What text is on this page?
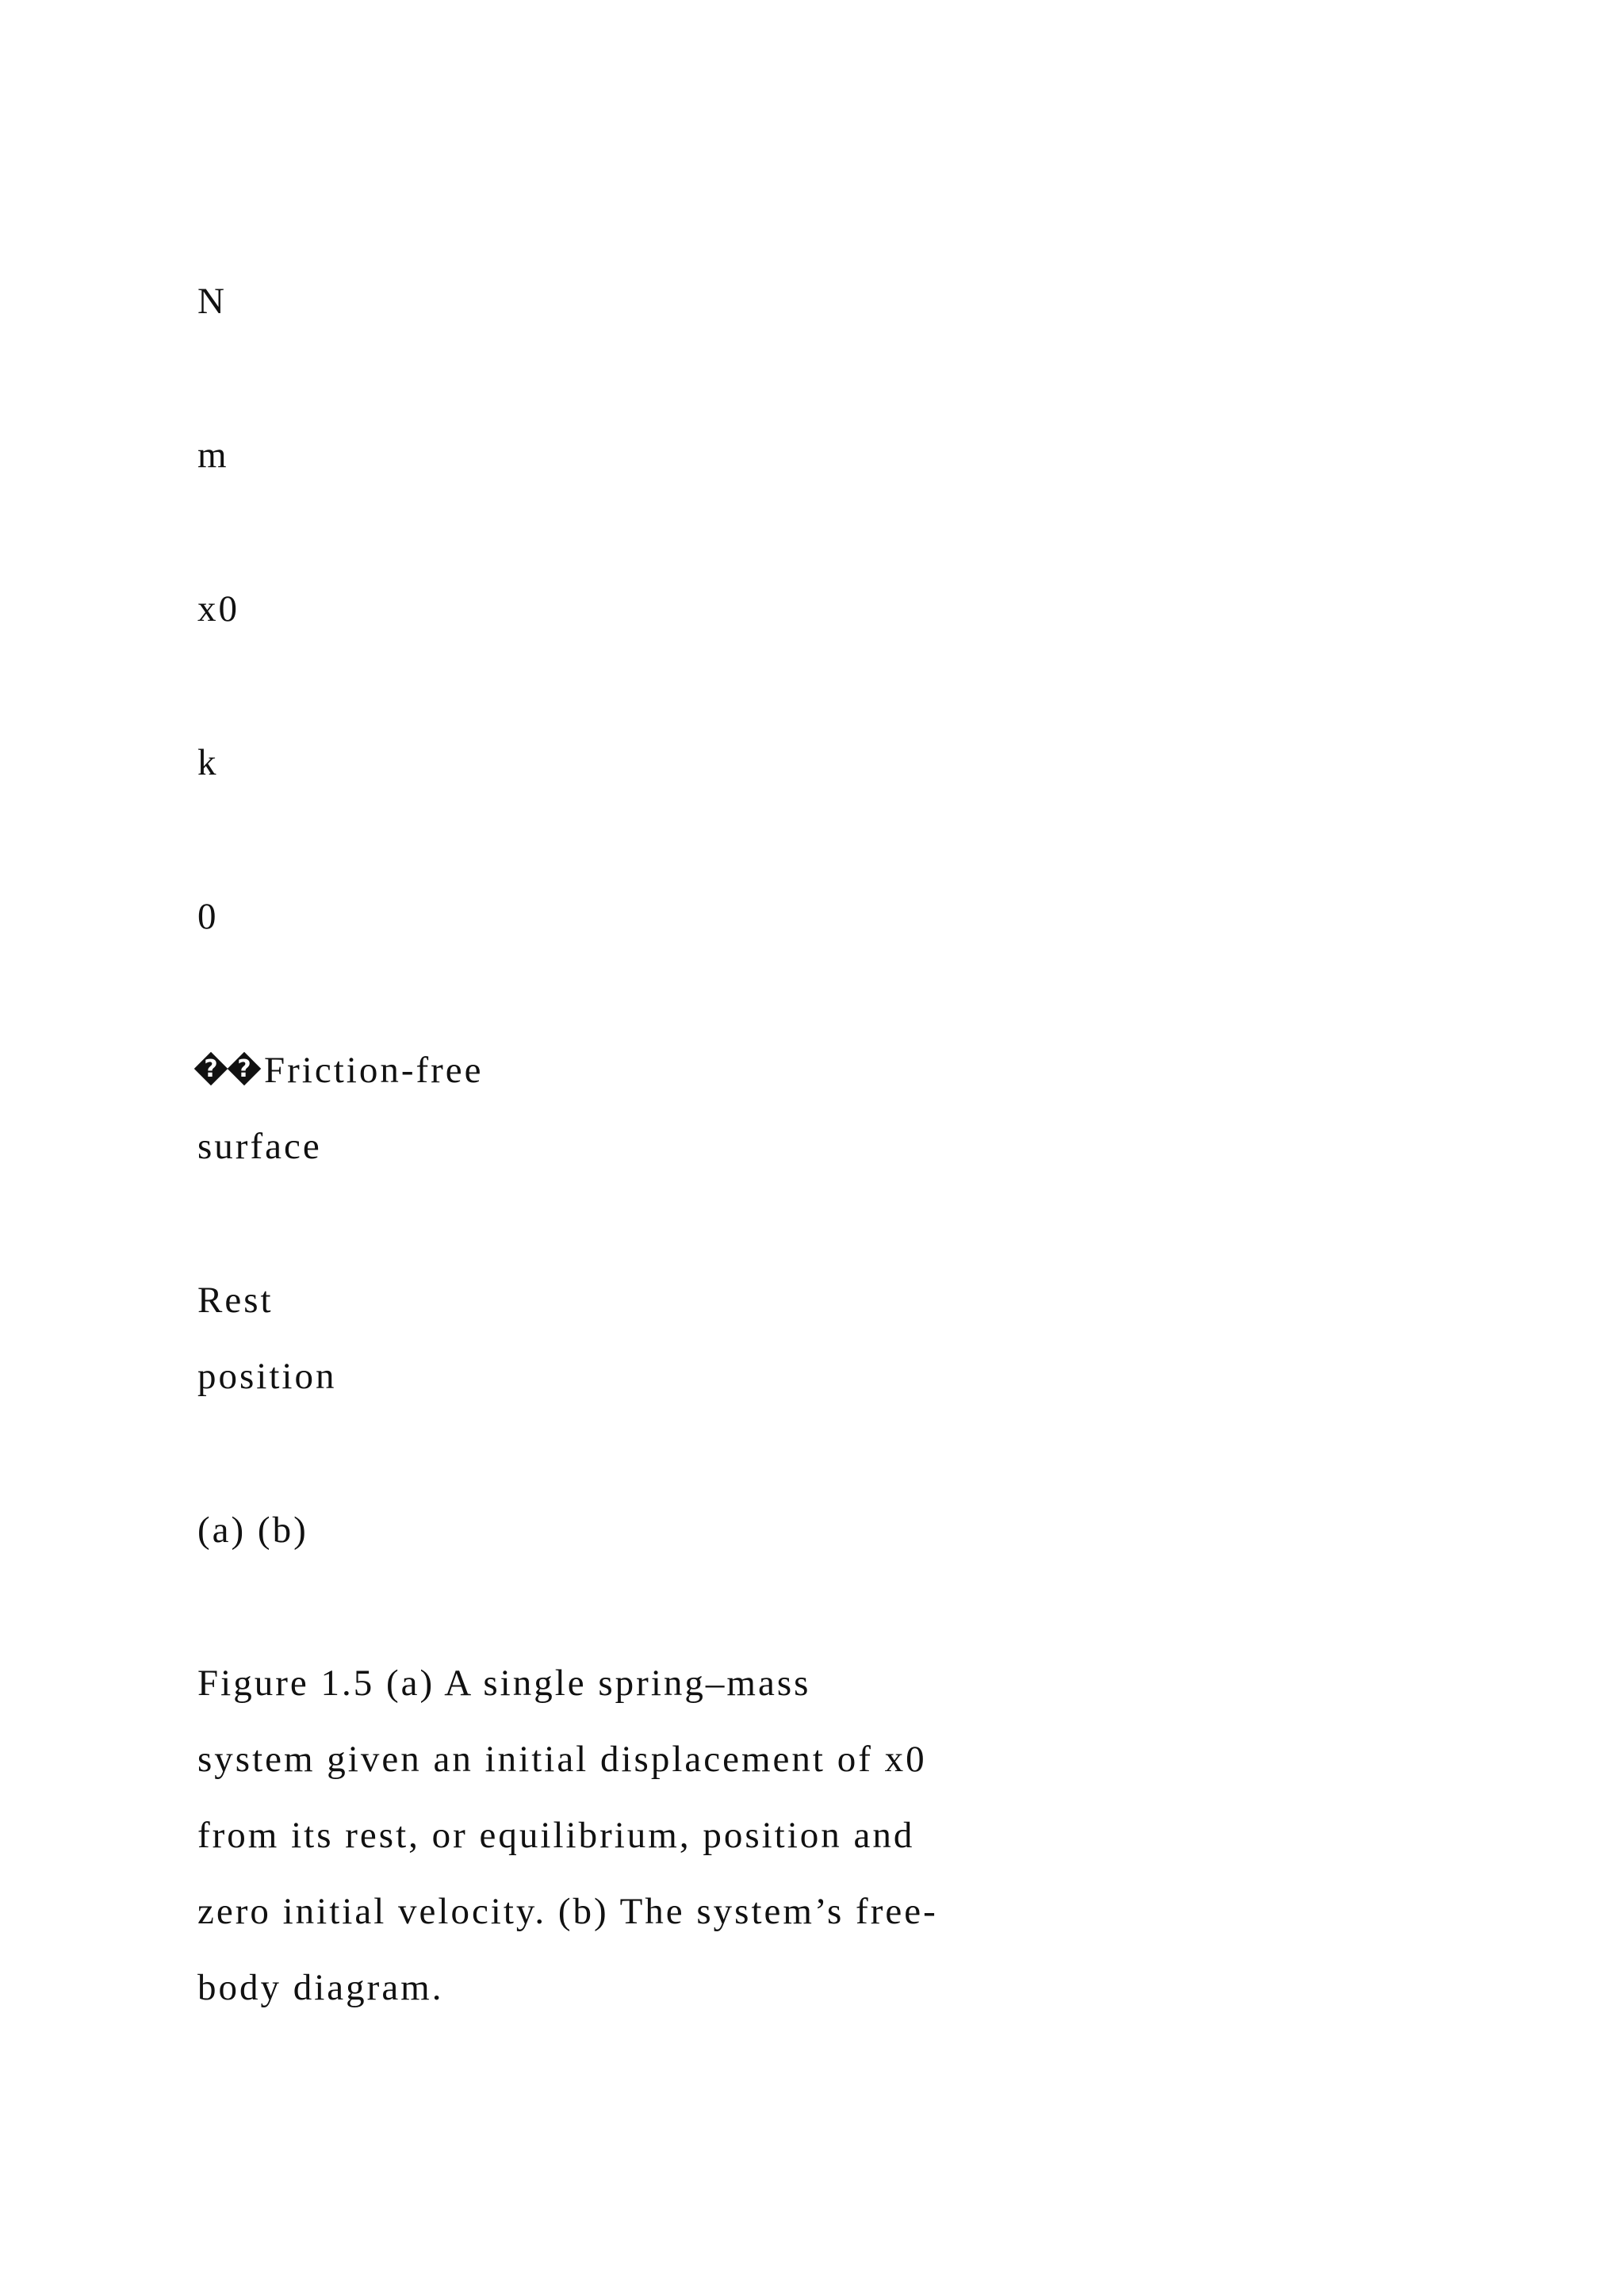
N
m
x0
k
0
??Friction-free
surface
Rest
position
(a) (b)
Figure 1.5 (a) A single spring–mass
system given an initial displacement of x0
from its rest, or equilibrium, position and
zero initial velocity. (b) The system’s free-
body diagram.
